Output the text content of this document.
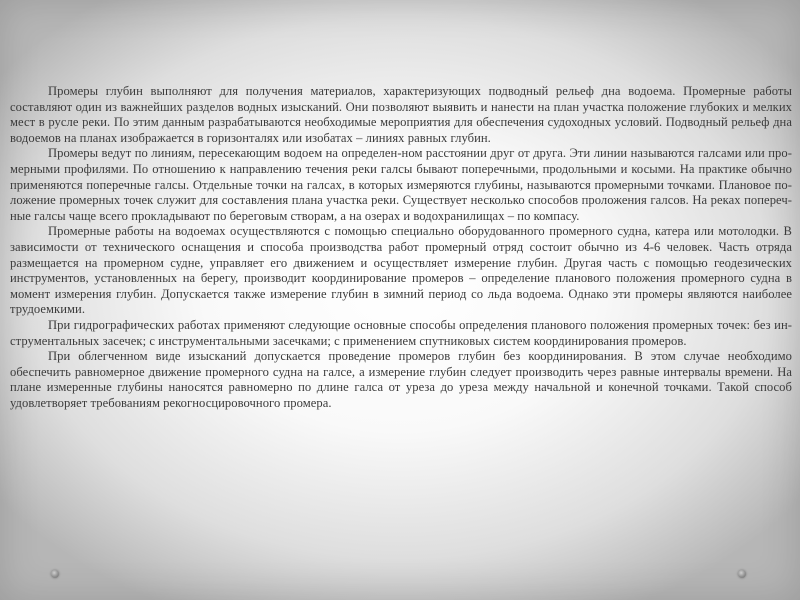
Промеры глубин выполняют для получения материалов, характеризующих подводный рельеф дна водоема. Промерные работы составляют один из важнейших разделов водных изысканий. Они позволяют выявить и нанести на план участка положение глубоких и мелких мест в русле реки. По этим данным разрабатываются необходимые мероприятия для обеспечения судоходных условий. Подводный рельеф дна водоемов на планах изображается в горизонталях или изобатах – линиях равных глубин.

Промеры ведут по линиям, пересекающим водоем на определен-ном расстоянии друг от друга. Эти линии называются галсами или про-мерными профилями. По отношению к направлению течения реки галсы бывают поперечными, продольными и косыми. На практике обычно применяются поперечные галсы. Отдельные точки на галсах, в которых измеряются глубины, называются промерными точками. Плановое по-ложение промерных точек служит для составления плана участка реки. Существует несколько способов проложения галсов. На реках попереч-ные галсы чаще всего прокладывают по береговым створам, а на озерах и водохранилищах – по компасу.

Промерные работы на водоемах осуществляются с помощью специально оборудованного промерного судна, катера или мотолодки. В зависимости от технического оснащения и способа производства работ промерный отряд состоит обычно из 4-6 человек. Часть отряда размещается на промерном судне, управляет его движением и осуществляет измерение глубин. Другая часть с помощью геодезических инструментов, установленных на берегу, производит координирование промеров – определение планового положения промерного судна в момент измерения глубин. Допускается также измерение глубин в зимний период со льда водоема. Однако эти промеры являются наиболее трудоемкими.

При гидрографических работах применяют следующие основные способы определения планового положения промерных точек: без ин-струментальных засечек; с инструментальными засечками; с применением спутниковых систем координирования промеров.

При облегченном виде изысканий допускается проведение промеров глубин без координирования. В этом случае необходимо обеспечить равномерное движение промерного судна на галсе, а измерение глубин следует производить через равные интервалы времени. На плане измеренные глубины наносятся равномерно по длине галса от уреза до уреза между начальной и конечной точками. Такой способ удовлетворяет требованиям рекогносцировочного промера.
